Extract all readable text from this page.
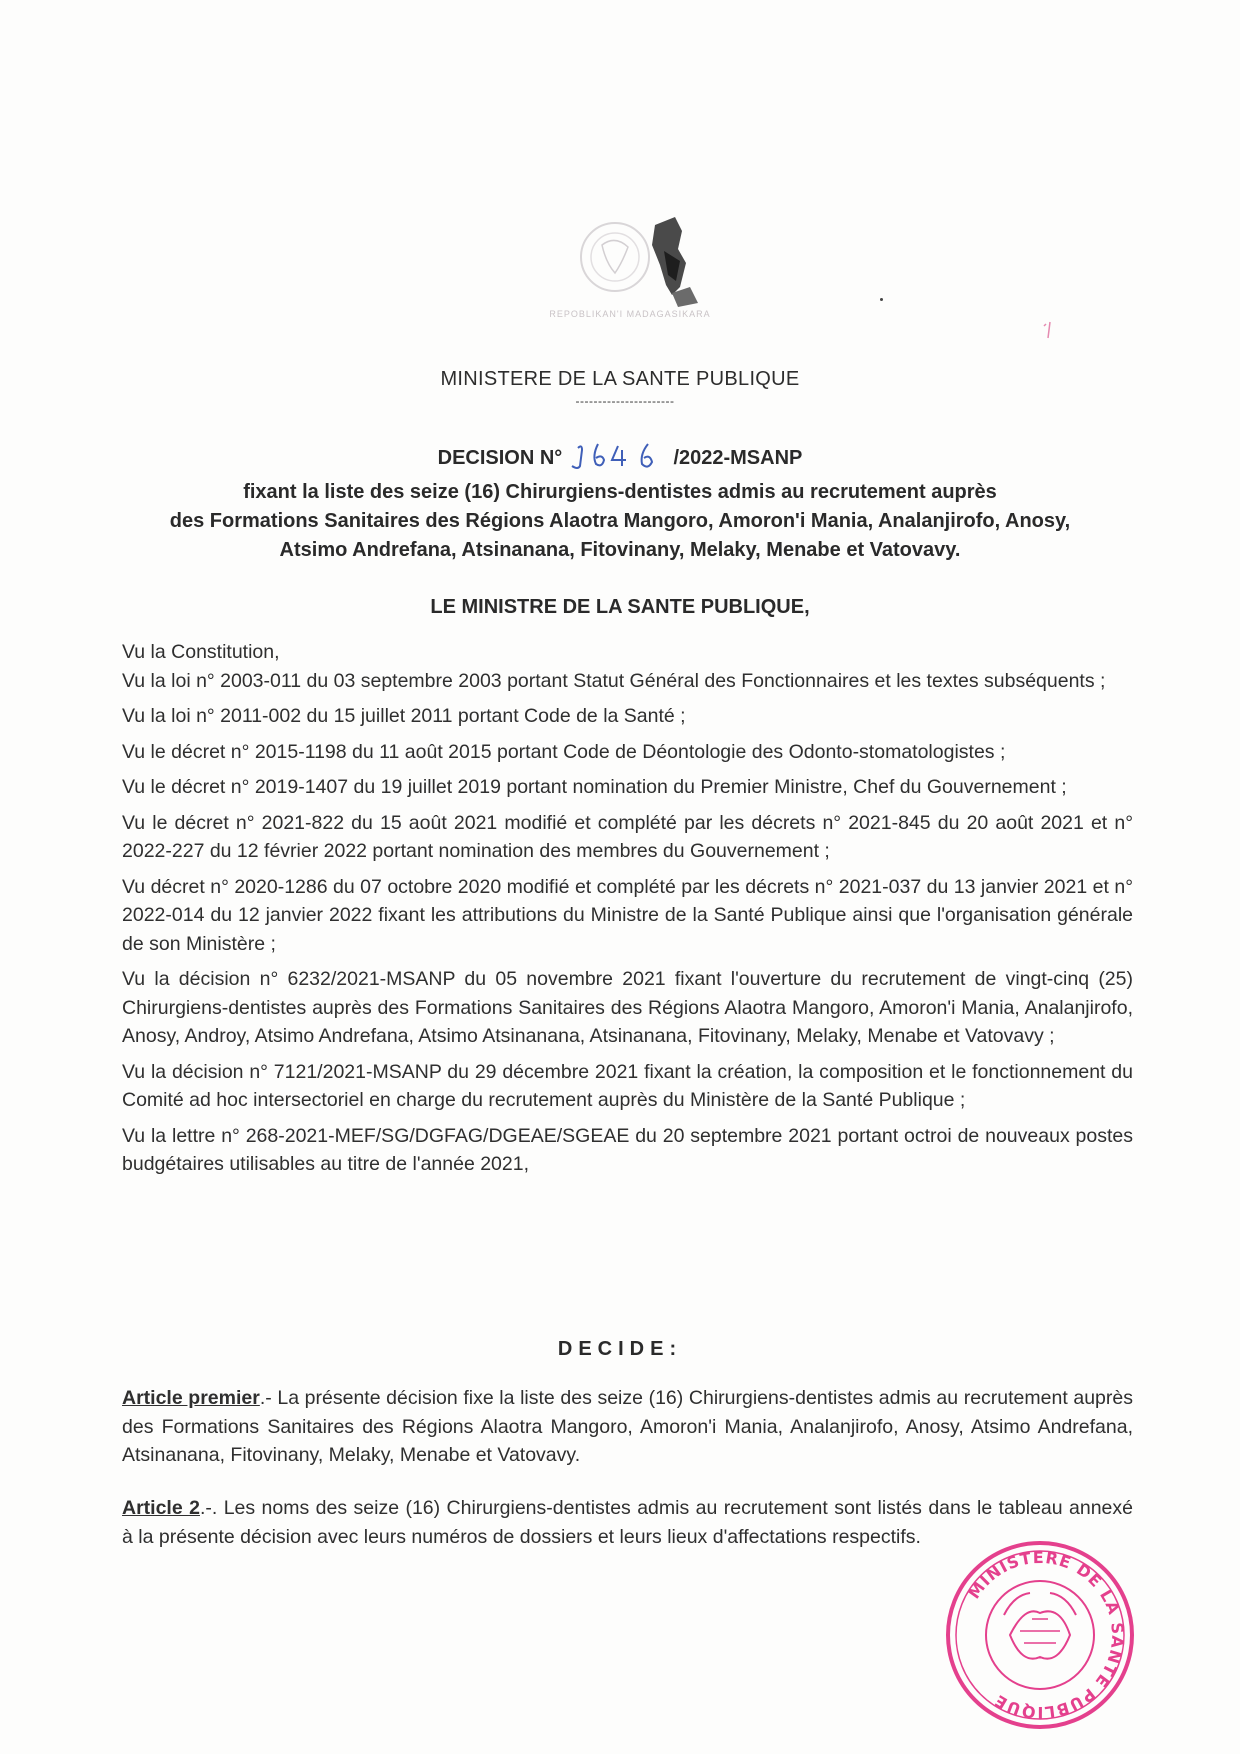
REPOBLIKAN'I MADAGASIKARA
MINISTERE DE LA SANTE PUBLIQUE
----------------------
DECISION N°	/2022-MSANP
fixant la liste des seize (16) Chirurgiens-dentistes admis au recrutement auprès
des Formations Sanitaires des Régions Alaotra Mangoro, Amoron'i Mania, Analanjirofo, Anosy,
Atsimo Andrefana, Atsinanana, Fitovinany, Melaky, Menabe et Vatovavy.
LE MINISTRE DE LA SANTE PUBLIQUE,
Vu la Constitution,
Vu la loi n° 2003-011 du 03 septembre 2003 portant Statut Général des Fonctionnaires et les textes subséquents ;
Vu la loi n° 2011-002 du 15 juillet 2011 portant Code de la Santé ;
Vu le décret n° 2015-1198 du 11 août 2015 portant Code de Déontologie des Odonto-stomatologistes ;
Vu le décret n° 2019-1407 du 19 juillet 2019 portant nomination du Premier Ministre, Chef du Gouvernement ;
Vu le décret n° 2021-822 du 15 août 2021 modifié et complété par les décrets n° 2021-845 du 20 août 2021 et n° 2022-227 du 12 février 2022 portant nomination des membres du Gouvernement ;
Vu décret n° 2020-1286 du 07 octobre 2020 modifié et complété par les décrets n° 2021-037 du 13 janvier 2021 et n° 2022-014 du 12 janvier 2022 fixant les attributions du Ministre de la Santé Publique ainsi que l'organisation générale de son Ministère ;
Vu la décision n° 6232/2021-MSANP du 05 novembre 2021 fixant l'ouverture du recrutement de vingt-cinq (25) Chirurgiens-dentistes auprès des Formations Sanitaires des Régions Alaotra Mangoro, Amoron'i Mania, Analanjirofo, Anosy, Androy, Atsimo Andrefana, Atsimo Atsinanana, Atsinanana, Fitovinany, Melaky, Menabe et Vatovavy ;
Vu la décision n° 7121/2021-MSANP du 29 décembre 2021 fixant la création, la composition et le fonctionnement du Comité ad hoc intersectoriel en charge du recrutement auprès du Ministère de la Santé Publique ;
Vu la lettre n° 268-2021-MEF/SG/DGFAG/DGEAE/SGEAE du 20 septembre 2021 portant octroi de nouveaux postes budgétaires utilisables au titre de l'année 2021,
DECIDE:
Article premier.- La présente décision fixe la liste des seize (16) Chirurgiens-dentistes admis au recrutement auprès des Formations Sanitaires des Régions Alaotra Mangoro, Amoron'i Mania, Analanjirofo, Anosy, Atsimo Andrefana, Atsinanana, Fitovinany, Melaky, Menabe et Vatovavy.
Article 2.-. Les noms des seize (16) Chirurgiens-dentistes admis au recrutement sont listés dans le tableau annexé à la présente décision avec leurs numéros de dossiers et leurs lieux d'affectations respectifs.
MINISTERE DE LA SANTE PUBLIQUE
